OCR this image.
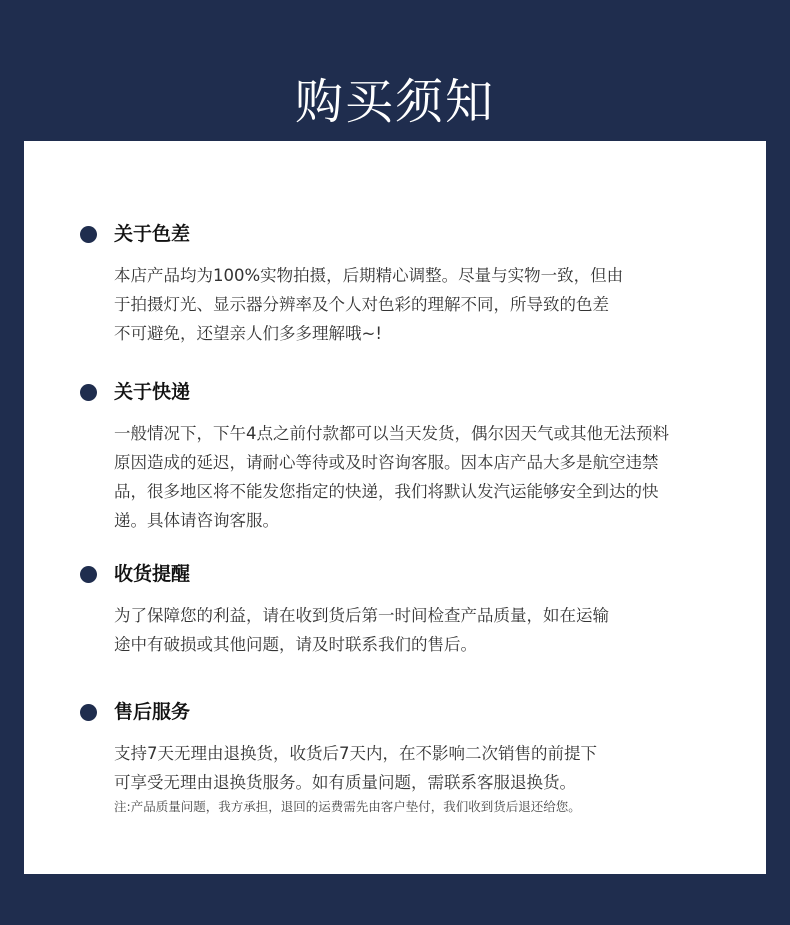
购买须知
关于色差
本店产品均为100%实物拍摄，后期精心调整。尽量与实物一致，但由
于拍摄灯光、显示器分辨率及个人对色彩的理解不同，所导致的色差
不可避免，还望亲人们多多理解哦~!
关于快递
一般情况下，下午4点之前付款都可以当天发货，偶尔因天气或其他无法预料
原因造成的延迟，请耐心等待或及时咨询客服。因本店产品大多是航空违禁
品，很多地区将不能发您指定的快递，我们将默认发汽运能够安全到达的快
递。具体请咨询客服。
收货提醒
为了保障您的利益，请在收到货后第一时间检查产品质量，如在运输
途中有破损或其他问题，请及时联系我们的售后。
售后服务
支持7天无理由退换货，收货后7天内，在不影响二次销售的前提下
可享受无理由退换货服务。如有质量问题，需联系客服退换货。
注:产品质量问题，我方承担，退回的运费需先由客户垫付，我们收到货后退还给您。
